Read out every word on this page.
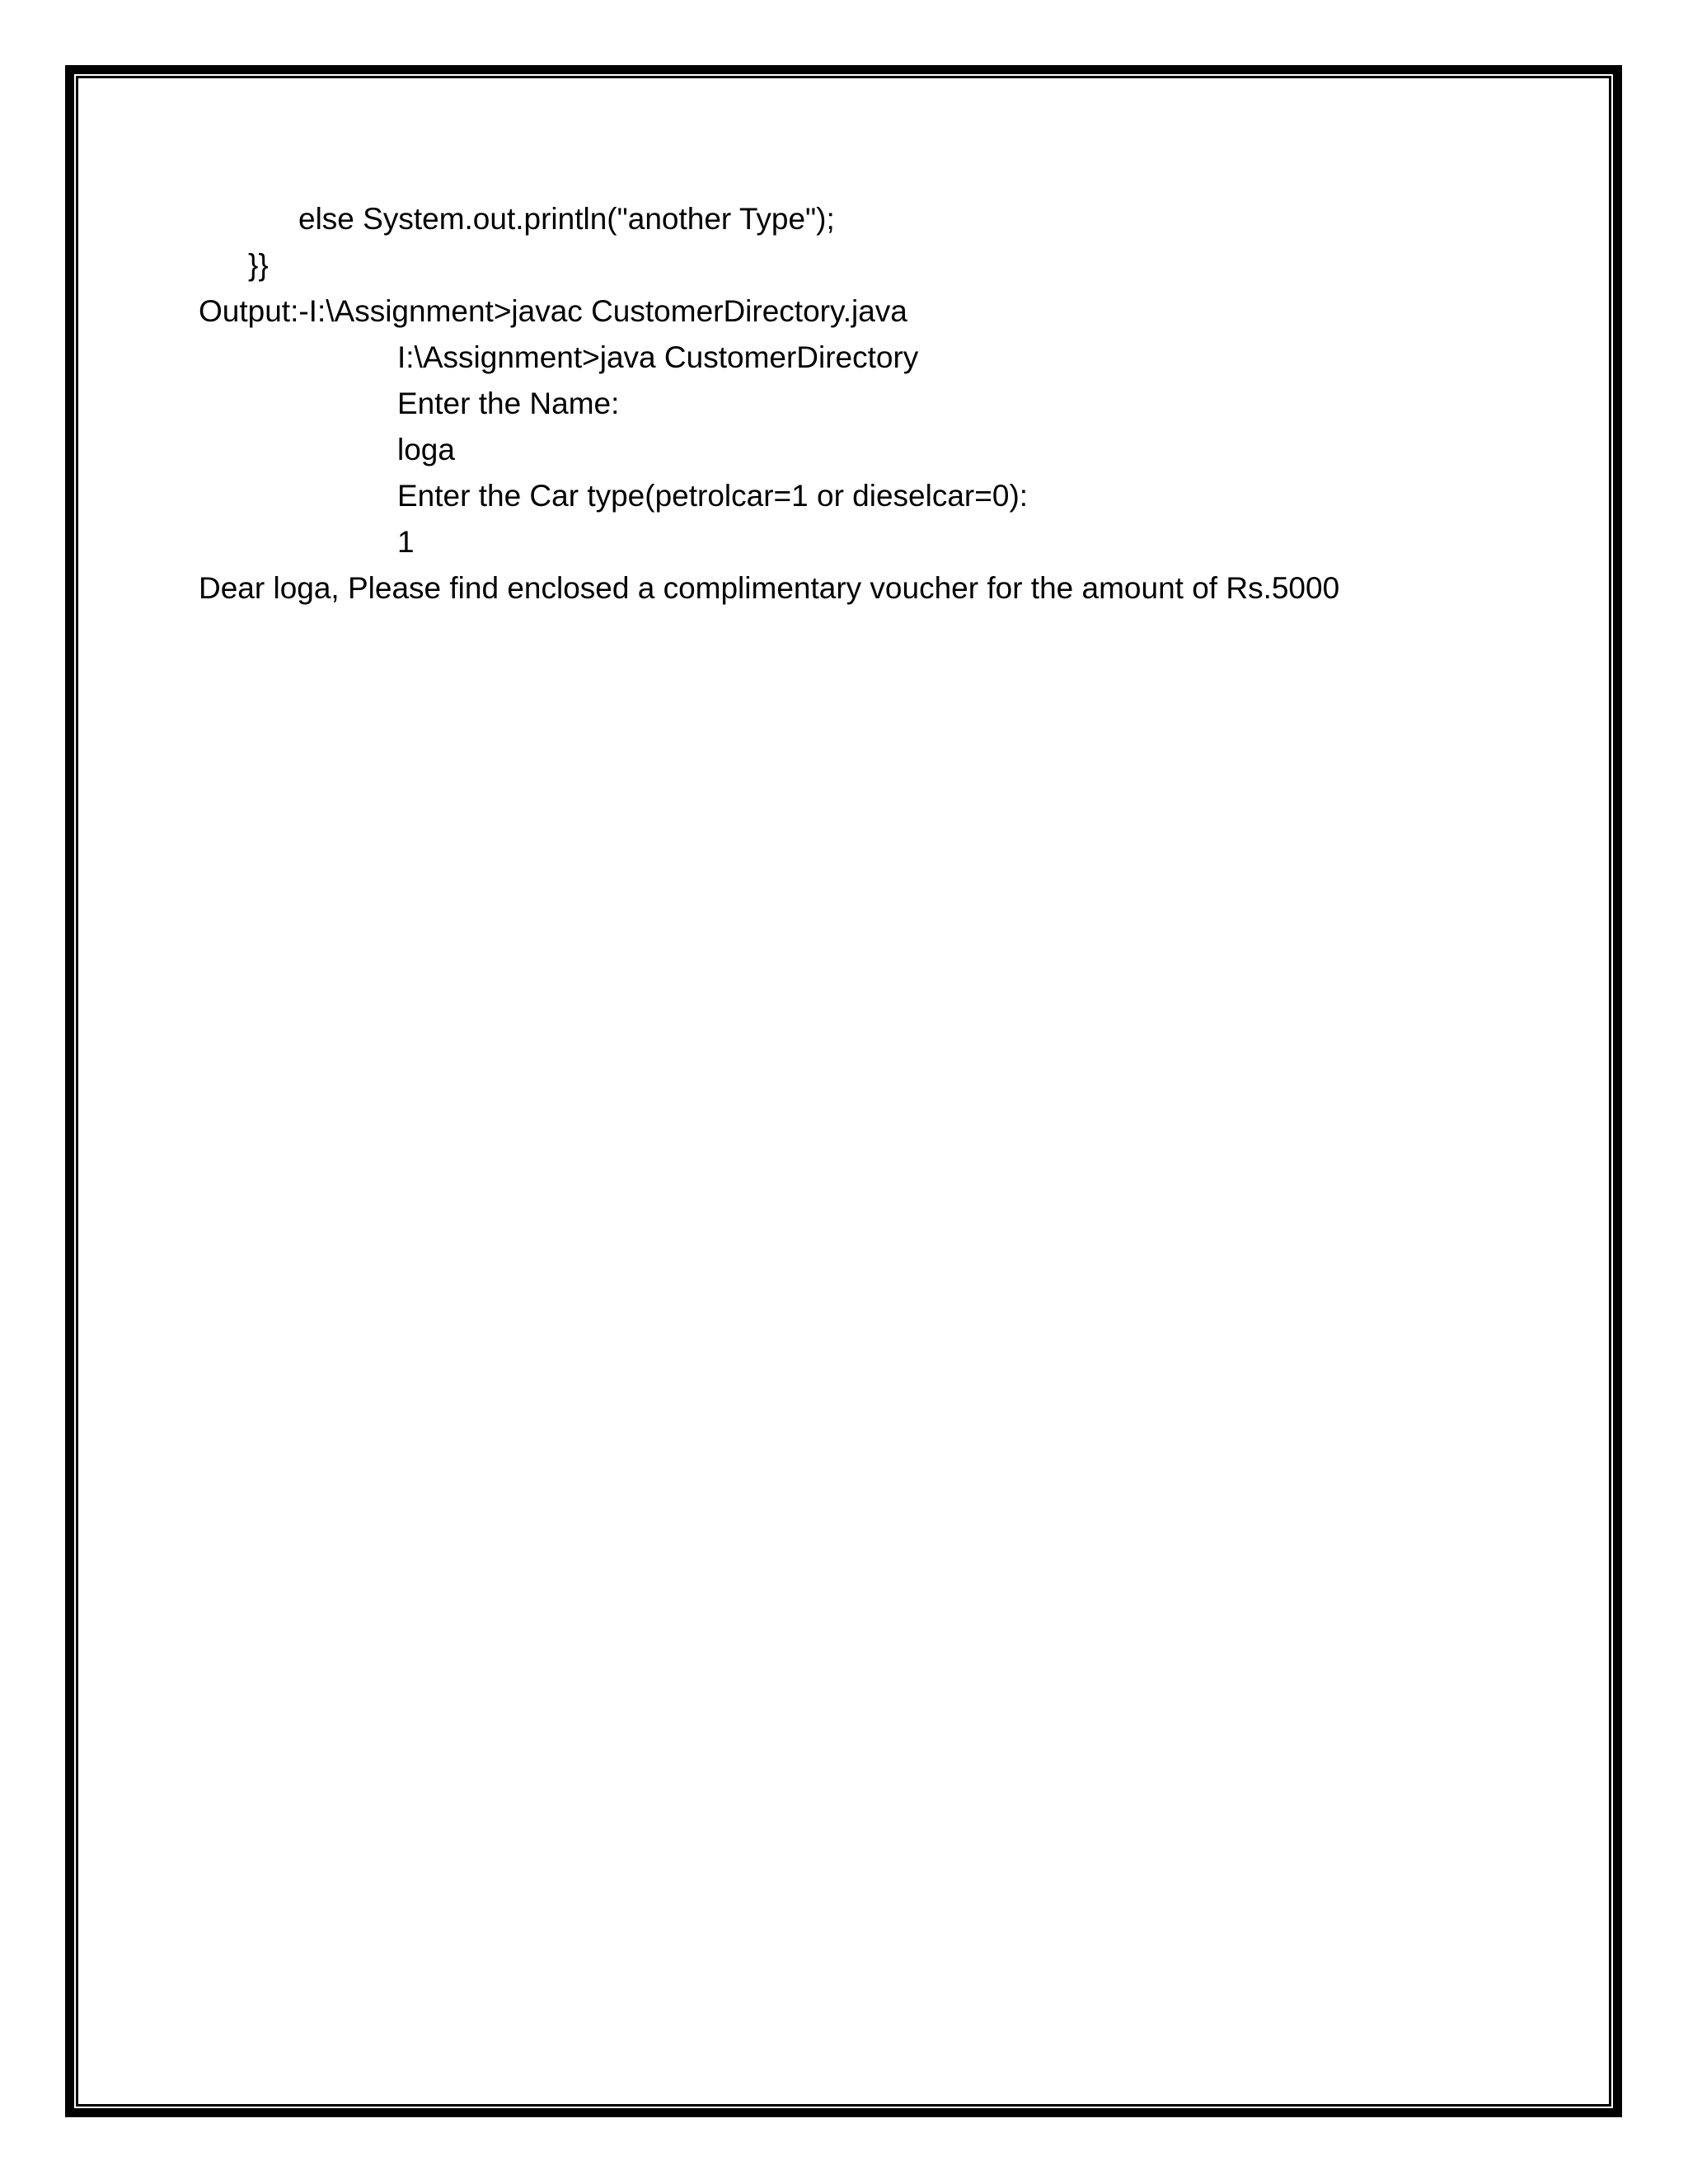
else System.out.println("another Type");
}}
Output:-I:\Assignment>javac CustomerDirectory.java
I:\Assignment>java CustomerDirectory
Enter the Name:
loga
Enter the Car type(petrolcar=1 or dieselcar=0):
1
Dear loga, Please find enclosed a complimentary voucher for the amount of Rs.5000
